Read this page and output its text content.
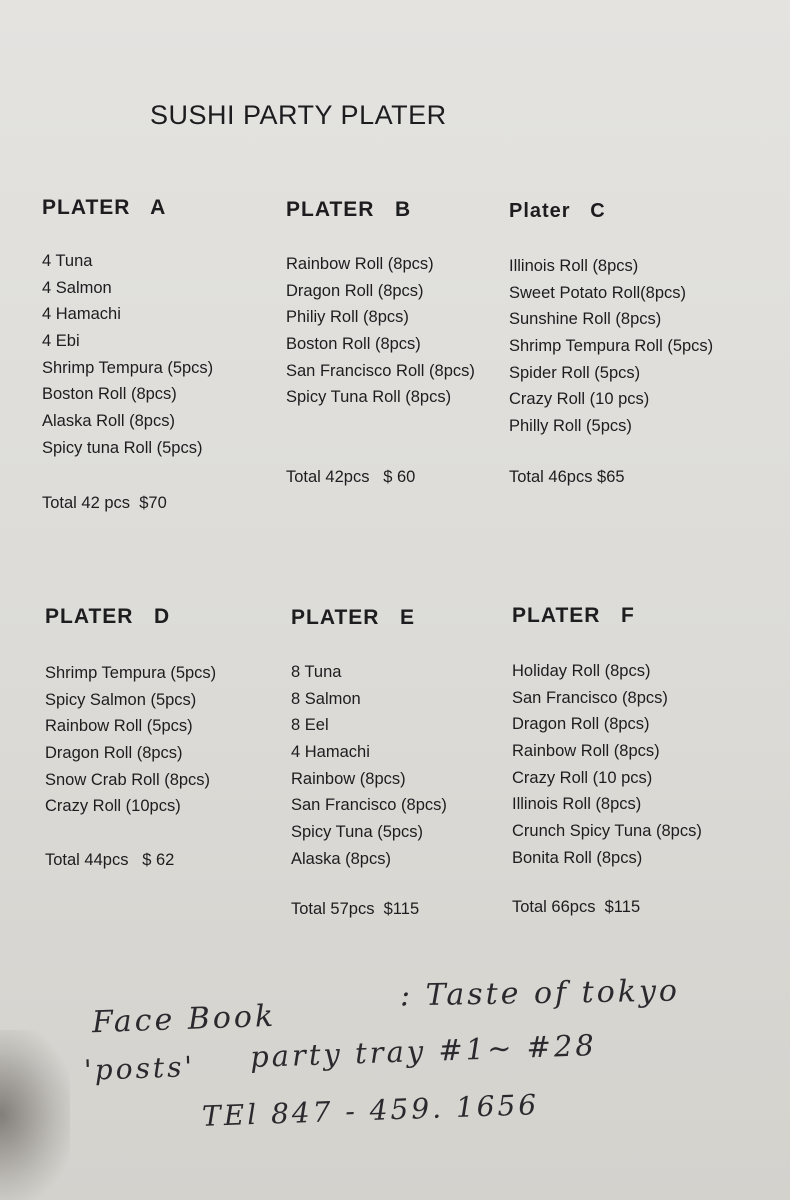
SUSHI PARTY PLATER
PLATER   A
4 Tuna
4 Salmon
4 Hamachi
4 Ebi
Shrimp Tempura (5pcs)
Boston Roll (8pcs)
Alaska Roll (8pcs)
Spicy tuna Roll (5pcs)
Total 42 pcs  $70
PLATER   B
Rainbow Roll (8pcs)
Dragon Roll (8pcs)
Philiy Roll (8pcs)
Boston Roll (8pcs)
San Francisco Roll (8pcs)
Spicy Tuna Roll (8pcs)
Total 42pcs   $ 60
Plater   C
Illinois Roll (8pcs)
Sweet Potato Roll(8pcs)
Sunshine Roll (8pcs)
Shrimp Tempura Roll (5pcs)
Spider Roll (5pcs)
Crazy Roll (10 pcs)
Philly Roll (5pcs)
Total 46pcs $65
PLATER   D
Shrimp Tempura (5pcs)
Spicy Salmon (5pcs)
Rainbow Roll (5pcs)
Dragon Roll (8pcs)
Snow Crab Roll (8pcs)
Crazy Roll (10pcs)
Total 44pcs   $ 62
PLATER   E
8 Tuna
8 Salmon
8 Eel
4 Hamachi
Rainbow (8pcs)
San Francisco (8pcs)
Spicy Tuna (5pcs)
Alaska (8pcs)
Total 57pcs  $115
PLATER   F
Holiday Roll (8pcs)
San Francisco (8pcs)
Dragon Roll (8pcs)
Rainbow Roll (8pcs)
Crazy Roll (10 pcs)
Illinois Roll (8pcs)
Crunch Spicy Tuna (8pcs)
Bonita Roll (8pcs)
Total 66pcs  $115
Face Book
: Taste of tokyo
'posts' party tray #1~ #28
TEl 847 - 459. 1656
